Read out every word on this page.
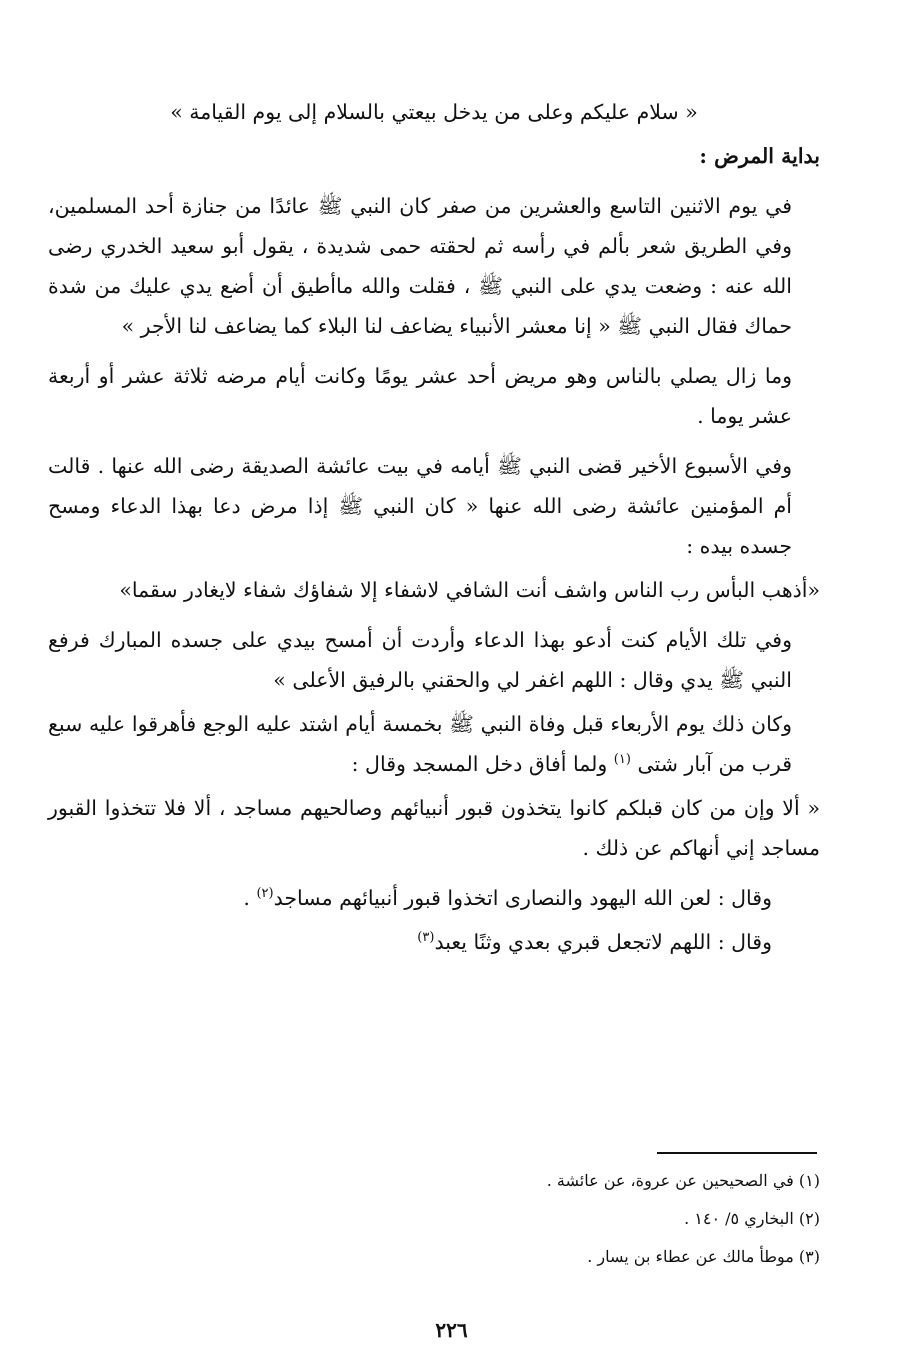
« سلام عليكم وعلى من يدخل بيعتي بالسلام إلى يوم القيامة »

بداية المرض :

في يوم الاثنين التاسع والعشرين من صفر كان النبي ﷺ عائدًا من جنازة أحد المسلمين، وفي الطريق شعر بألم في رأسه ثم لحقته حمى شديدة ، يقول أبو سعيد الخدري رضى الله عنه : وضعت يدي على النبي ﷺ ، فقلت والله ماأطيق أن أضع يدي عليك من شدة حماك فقال النبي ﷺ « إنا معشر الأنبياء يضاعف لنا البلاء كما يضاعف لنا الأجر »

وما زال يصلي بالناس وهو مريض أحد عشر يومًا وكانت أيام مرضه ثلاثة عشر أو أربعة عشر يوما .

وفي الأسبوع الأخير قضى النبي ﷺ أيامه في بيت عائشة الصديقة رضى الله عنها . قالت أم المؤمنين عائشة رضى الله عنها « كان النبي ﷺ إذا مرض دعا بهذا الدعاء ومسح جسده بيده :

«أذهب البأس رب الناس واشف أنت الشافي لاشفاء إلا شفاؤك شفاء لايغادر سقما»

وفي تلك الأيام كنت أدعو بهذا الدعاء وأردت أن أمسح بيدي على جسده المبارك فرفع النبي ﷺ يدي وقال : اللهم اغفر لي والحقني بالرفيق الأعلى »

وكان ذلك يوم الأربعاء قبل وفاة النبي ﷺ بخمسة أيام اشتد عليه الوجع فأهرقوا عليه سبع قرب من آبار شتى $^{(١)}$ ولما أفاق دخل المسجد وقال :

« ألا وإن من كان قبلكم كانوا يتخذون قبور أنبيائهم وصالحيهم مساجد ، ألا فلا تتخذوا القبور مساجد إني أنهاكم عن ذلك .

وقال : لعن الله اليهود والنصارى اتخذوا قبور أنبيائهم مساجد$^{(٢)}$ .

وقال : اللهم لاتجعل قبري بعدي وثنًا يعبد$^{(٣)}$

(١) في الصحيحين عن عروة، عن عائشة .

(٢) البخاري ٥/ ١٤٠ .

(٣) موطأ مالك عن عطاء بن يسار .

٢٢٦
